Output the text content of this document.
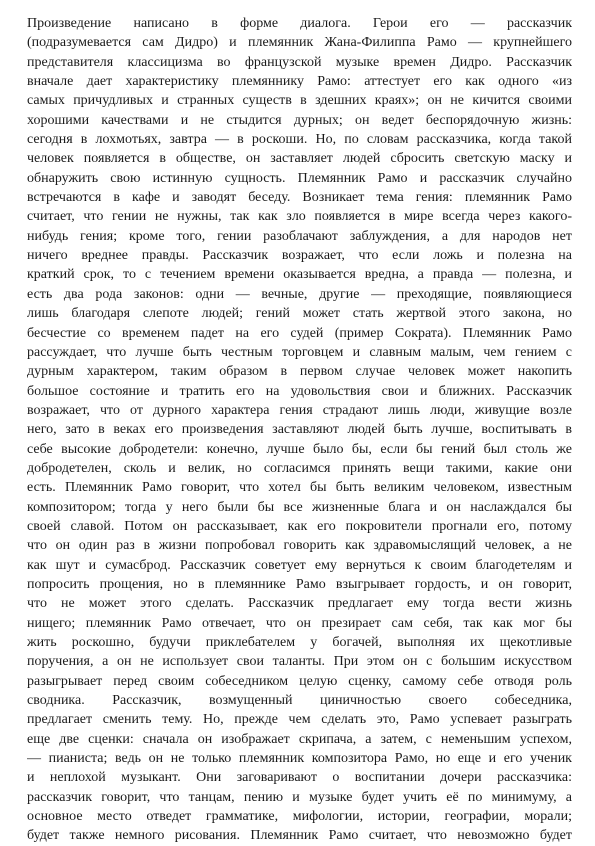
Произведение написано в форме диалога. Герои его — рассказчик
(подразумевается сам Дидро) и племянник Жана-Филиппа Рамо — крупнейшего
представителя классицизма во французской музыке времен Дидро. Рассказчик
вначале дает характеристику племяннику Рамо: аттестует его как одного «из
самых причудливых и странных существ в здешних краях»; он не кичится своими
хорошими качествами и не стыдится дурных; он ведет беспорядочную жизнь:
сегодня в лохмотьях, завтра — в роскоши. Но, по словам рассказчика, когда такой
человек появляется в обществе, он заставляет людей сбросить светскую маску и
обнаружить свою истинную сущность. Племянник Рамо и рассказчик случайно
встречаются в кафе и заводят беседу. Возникает тема гения: племянник Рамо
считает, что гении не нужны, так как зло появляется в мире всегда через какого-
нибудь гения; кроме того, гении разоблачают заблуждения, а для народов нет
ничего вреднее правды. Рассказчик возражает, что если ложь и полезна на
краткий срок, то с течением времени оказывается вредна, а правда — полезна, и
есть два рода законов: одни — вечные, другие — преходящие, появляющиеся
лишь благодаря слепоте людей; гений может стать жертвой этого закона, но
бесчестие со временем падет на его судей (пример Сократа). Племянник Рамо
рассуждает, что лучше быть честным торговцем и славным малым, чем гением с
дурным характером, таким образом в первом случае человек может накопить
большое состояние и тратить его на удовольствия свои и ближних. Рассказчик
возражает, что от дурного характера гения страдают лишь люди, живущие возле
него, зато в веках его произведения заставляют людей быть лучше, воспитывать в
себе высокие добродетели: конечно, лучше было бы, если бы гений был столь же
добродетелен, сколь и велик, но согласимся принять вещи такими, какие они
есть. Племянник Рамо говорит, что хотел бы быть великим человеком, известным
композитором; тогда у него были бы все жизненные блага и он наслаждался бы
своей славой. Потом он рассказывает, как его покровители прогнали его, потому
что он один раз в жизни попробовал говорить как здравомыслящий человек, а не
как шут и сумасброд. Рассказчик советует ему вернуться к своим благодетелям и
попросить прощения, но в племяннике Рамо взыгрывает гордость, и он говорит,
что не может этого сделать. Рассказчик предлагает ему тогда вести жизнь
нищего; племянник Рамо отвечает, что он презирает сам себя, так как мог бы
жить роскошно, будучи приклебателем у богачей, выполняя их щекотливые
поручения, а он не использует свои таланты. При этом он с большим искусством
разыгрывает перед своим собеседником целую сценку, самому себе отводя роль
сводника. Рассказчик, возмущенный циничностью своего собеседника,
предлагает сменить тему. Но, прежде чем сделать это, Рамо успевает разыграть
еще две сценки: сначала он изображает скрипача, а затем, с неменьшим успехом,
— пианиста; ведь он не только племянник композитора Рамо, но еще и его ученик
и неплохой музыкант. Они заговаривают о воспитании дочери рассказчика:
рассказчик говорит, что танцам, пению и музыке будет учить её по минимуму, а
основное место отведет грамматике, мифологии, истории, географии, морали;
будет также немного рисования. Племянник Рамо считает, что невозможно будет
